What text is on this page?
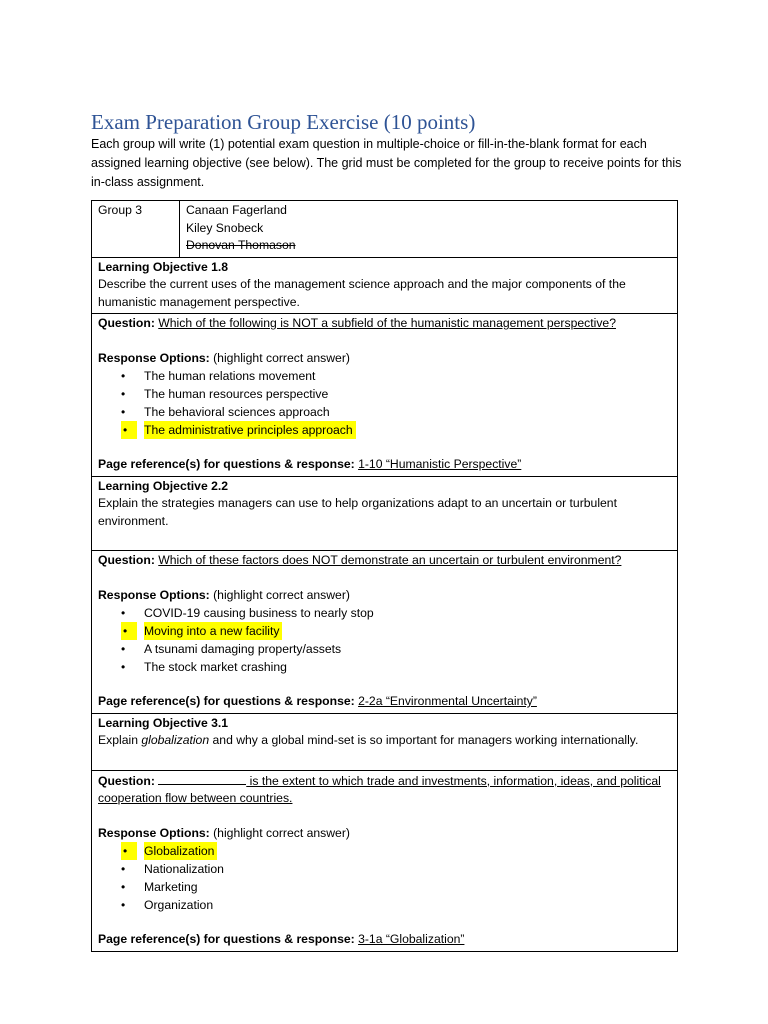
Exam Preparation Group Exercise (10 points)

Each group will write (1) potential exam question in multiple-choice or fill-in-the-blank format for each assigned learning objective (see below). The grid must be completed for the group to receive points for this in-class assignment.

Group 3	Canaan Fagerland
Kiley Snobeck
Donovan Thomason

Learning Objective 1.8
Describe the current uses of the management science approach and the major components of the humanistic management perspective.

Question: Which of the following is NOT a subfield of the humanistic management perspective?
Response Options: (highlight correct answer)
• The human relations movement
• The human resources perspective
• The behavioral sciences approach
•	The administrative principles approach
Page reference(s) for questions & response: 1-10 “Humanistic Perspective”

Learning Objective 2.2
Explain the strategies managers can use to help organizations adapt to an uncertain or turbulent environment.

Question: Which of these factors does NOT demonstrate an uncertain or turbulent environment?
Response Options: (highlight correct answer)
• COVID-19 causing business to nearly stop
•	Moving into a new facility
• A tsunami damaging property/assets
• The stock market crashing
Page reference(s) for questions & response: 2-2a “Environmental Uncertainty”

Learning Objective 3.1
Explain globalization and why a global mind-set is so important for managers working internationally.

Question:	is the extent to which trade and investments, information, ideas, and political cooperation flow between countries.
Response Options: (highlight correct answer)
•	Globalization
• Nationalization
• Marketing
• Organization
Page reference(s) for questions & response: 3-1a “Globalization”
